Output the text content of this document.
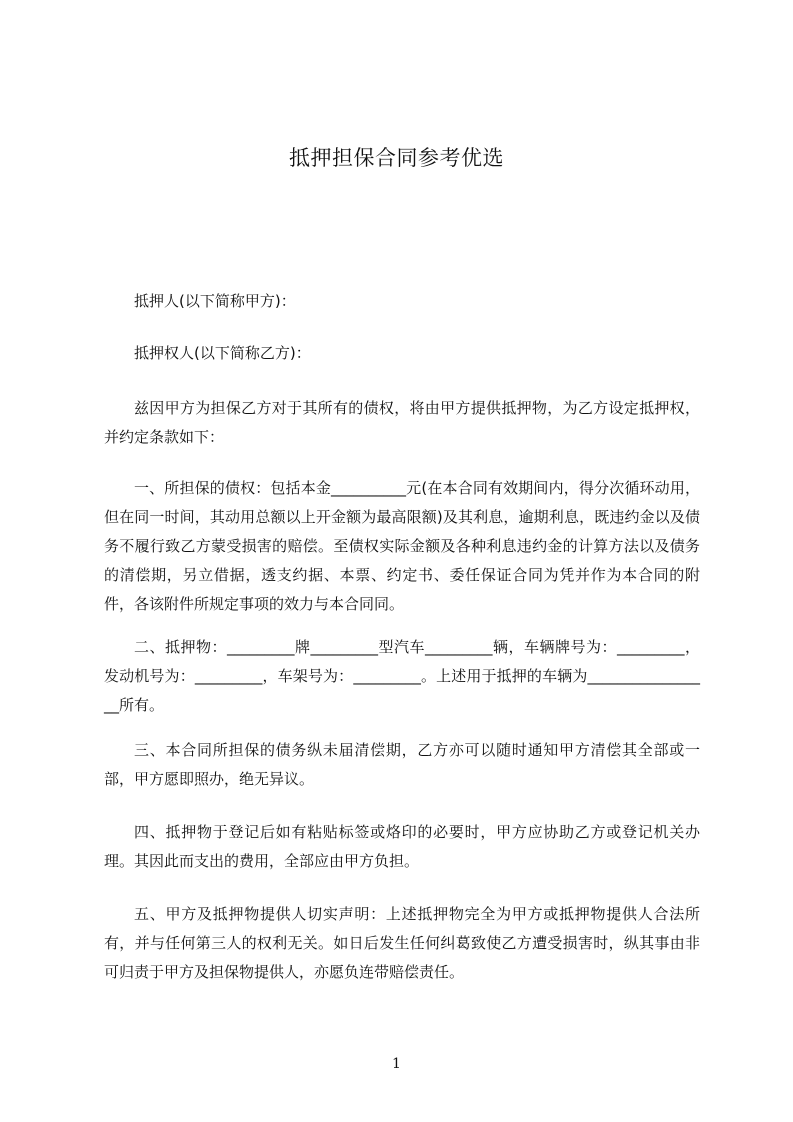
抵押担保合同参考优选

抵押人(以下简称甲方)：

抵押权人(以下简称乙方)：

兹因甲方为担保乙方对于其所有的债权，将由甲方提供抵押物，为乙方设定抵押权，并约定条款如下：

一、所担保的债权：包括本金__________元(在本合同有效期间内，得分次循环动用，但在同一时间，其动用总额以上开金额为最高限额)及其利息，逾期利息，既违约金以及债务不履行致乙方蒙受损害的赔偿。至债权实际金额及各种利息违约金的计算方法以及债务的清偿期，另立借据，透支约据、本票、约定书、委任保证合同为凭并作为本合同的附件，各该附件所规定事项的效力与本合同同。

二、抵押物：_________牌_________型汽车_________辆，车辆牌号为：_________，发动机号为：_________，车架号为：_________。上述用于抵押的车辆为_________________所有。

三、本合同所担保的债务纵未届清偿期，乙方亦可以随时通知甲方清偿其全部或一部，甲方愿即照办，绝无异议。

四、抵押物于登记后如有粘贴标签或烙印的必要时，甲方应协助乙方或登记机关办理。其因此而支出的费用，全部应由甲方负担。

五、甲方及抵押物提供人切实声明：上述抵押物完全为甲方或抵押物提供人合法所有，并与任何第三人的权利无关。如日后发生任何纠葛致使乙方遭受损害时，纵其事由非可归责于甲方及担保物提供人，亦愿负连带赔偿责任。

1
